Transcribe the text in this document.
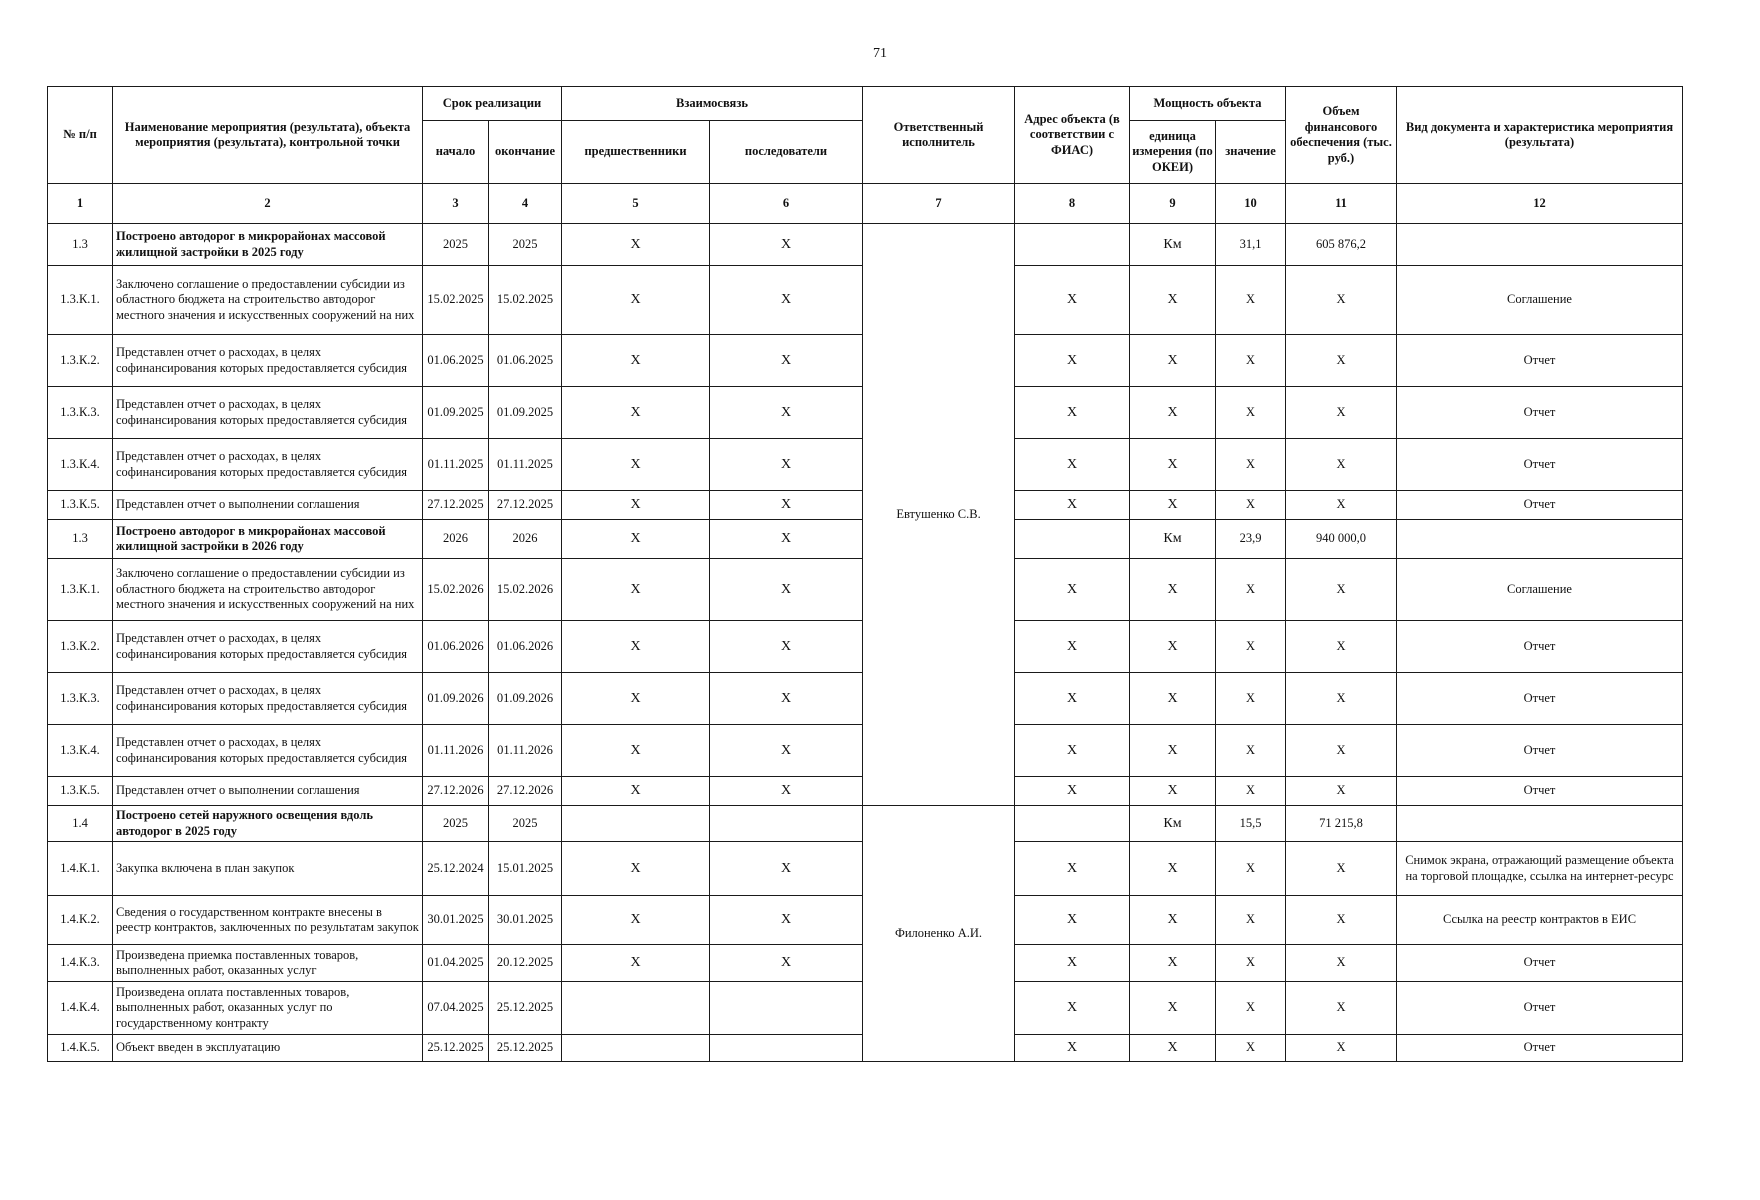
71
№ п/п	Наименование мероприятия (результата), объекта мероприятия (результата), контрольной точки	Срок реализации		Взаимосвязь		Ответственный исполнитель	Адрес объекта (в соответствии с ФИАС)	Мощность объекта		Объем финансового обеспечения (тыс. руб.)	Вид документа и характеристика мероприятия (результата)
		начало	окончание	предшественники	последователи			единица измерения (по ОКЕИ)	значение		
1	2	3	4	5	6	7	8	9	10	11	12
1.3	Построено автодорог в микрорайонах массовой жилищной застройки в 2025 году	2025	2025	X	X	Евтушенко С.В.		Км	31,1	605 876,2	
1.3.К.1.	Заключено соглашение о предоставлении субсидии из областного бюджета на строительство автодорог местного значения и искусственных сооружений на них	15.02.2025	15.02.2025	X	X		X	X	X	X	Соглашение
1.3.К.2.	Представлен отчет о расходах, в целях софинансирования которых предоставляется субсидия	01.06.2025	01.06.2025	X	X		X	X	X	X	Отчет
1.3.К.3.	Представлен отчет о расходах, в целях софинансирования которых предоставляется субсидия	01.09.2025	01.09.2025	X	X		X	X	X	X	Отчет
1.3.К.4.	Представлен отчет о расходах, в целях софинансирования которых предоставляется субсидия	01.11.2025	01.11.2025	X	X		X	X	X	X	Отчет
1.3.К.5.	Представлен отчет о выполнении соглашения	27.12.2025	27.12.2025	X	X		X	X	X	X	Отчет
1.3	Построено автодорог в микрорайонах массовой жилищной застройки в 2026 году	2026	2026	X	X			Км	23,9	940 000,0	
1.3.К.1.	Заключено соглашение о предоставлении субсидии из областного бюджета на строительство автодорог местного значения и искусственных сооружений на них	15.02.2026	15.02.2026	X	X		X	X	X	X	Соглашение
1.3.К.2.	Представлен отчет о расходах, в целях софинансирования которых предоставляется субсидия	01.06.2026	01.06.2026	X	X		X	X	X	X	Отчет
1.3.К.3.	Представлен отчет о расходах, в целях софинансирования которых предоставляется субсидия	01.09.2026	01.09.2026	X	X		X	X	X	X	Отчет
1.3.К.4.	Представлен отчет о расходах, в целях софинансирования которых предоставляется субсидия	01.11.2026	01.11.2026	X	X		X	X	X	X	Отчет
1.3.К.5.	Представлен отчет о выполнении соглашения	27.12.2026	27.12.2026	X	X		X	X	X	X	Отчет
1.4	Построено сетей наружного освещения вдоль автодорог в 2025 году	2025	2025			Филоненко А.И.		Км	15,5	71 215,8	
1.4.К.1.	Закупка включена в план закупок	25.12.2024	15.01.2025	X	X		X	X	X	X	Снимок экрана, отражающий размещение объекта на торговой площадке, ссылка на интернет-ресурс
1.4.К.2.	Сведения о государственном контракте внесены в реестр контрактов, заключенных по результатам закупок	30.01.2025	30.01.2025	X	X		X	X	X	X	Ссылка на реестр контрактов в ЕИС
1.4.К.3.	Произведена приемка поставленных товаров, выполненных работ, оказанных услуг	01.04.2025	20.12.2025	X	X		X	X	X	X	Отчет
1.4.К.4.	Произведена оплата поставленных товаров, выполненных работ, оказанных услуг по государственному контракту	07.04.2025	25.12.2025				X	X	X	X	Отчет
1.4.К.5.	Объект введен в эксплуатацию	25.12.2025	25.12.2025				X	X	X	X	Отчет
